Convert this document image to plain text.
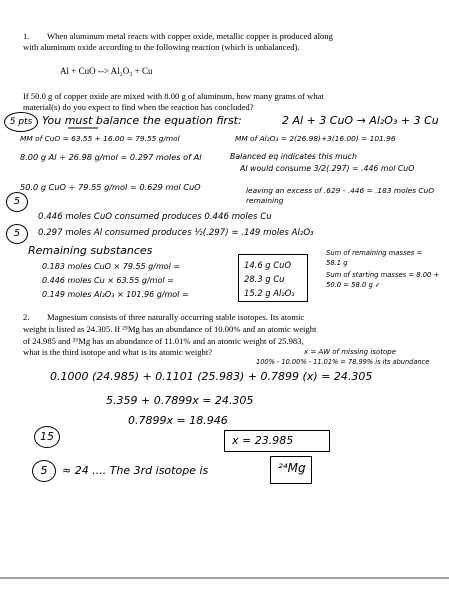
1. When aluminum metal reacts with copper oxide, metallic copper is produced along
with aluminum oxide according to the following reaction (which is unbalanced).
Al + CuO --> Al₂O₃ + Cu
If 50.0 g of copper oxide are mixed with 8.00 g of aluminum, how many grams of what
material(s) do you expect to find when the reaction has concluded?
5 pts You must balance the equation first:	2 Al + 3 CuO → Al₂O₃ + 3 Cu
MM of CuO = 63.55 + 16.00 = 79.55 g/mol	MM of Al₂O₃ = 2(26.98)+3(16.00) = 101.96
8.00 g Al ÷ 26.98 g/mol = 0.297 moles of Al	Balanced eq indicates this much
Al would consume 3/2(.297) = .446 mol CuO
50.0 g CuO ÷ 79.55 g/mol = 0.629 mol CuO	leaving an excess of .629 - .446 = .183 moles CuO remaining
5
0.446 moles CuO consumed produces 0.446 moles Cu
5	0.297 moles Al consumed produces ½(.297) = .149 moles Al₂O₃
Remaining substances
0.183 moles CuO × 79.55 g/mol =
0.446 moles Cu × 63.55 g/mol =
0.149 moles Al₂O₃ × 101.96 g/mol =
14.6 g CuO
28.3 g Cu
15.2 g Al₂O₃
Sum of remaining masses = 58.1 g
Sum of starting masses = 8.00 + 50.0 = 58.0 g ✓
2. Magnesium consists of three naturally occurring stable isotopes. Its atomic
weight is listed as 24.305. If ²⁵Mg has an abundance of 10.00% and an atomic weight
of 24.985 and ²⁶Mg has an abundance of 11.01% and an atomic weight of 25.983,
what is the third isotope and what is its atomic weight?	x = AW of missing isotope
100% - 10.00% - 11.01% = 78.99% is its abundance
0.1000 (24.985) + 0.1101 (25.983) + 0.7899 (x) = 24.305
5.359 + 0.7899x = 24.305
0.7899x = 18.946
15	x = 23.985
5	≈ 24 .... The 3rd isotope is	²⁴Mg
